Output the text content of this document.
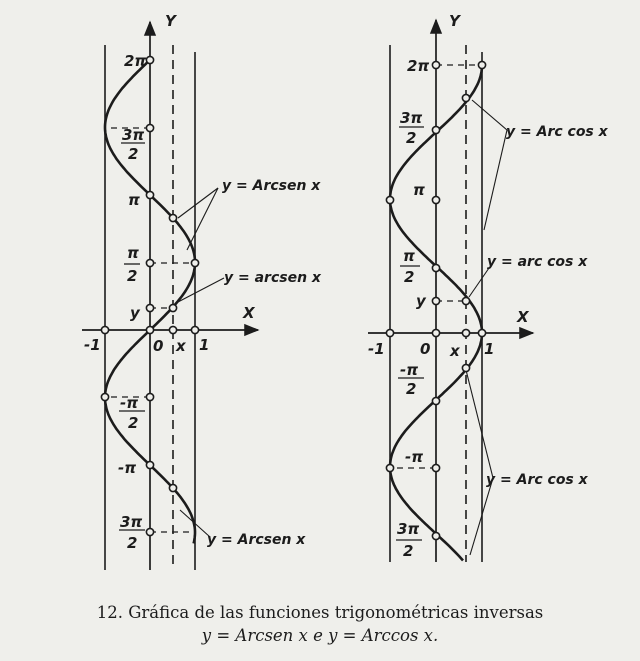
Y
X
-1	0 x 1
2π
3π
2
π
π
2
y
-π
2
-π
3π
2
y = Arcsen x
y = arcsen x
y = Arcsen x
Y
X
-1 0 x 1
2π
3π
2
π
π
2
y
-π
2
-π
3π
2
y = Arc cos x
y = arc cos x
y = Arc cos x
12. Gráfica de las funciones trigonométricas inversas
y = Arcsen x e y = Arccos x.
